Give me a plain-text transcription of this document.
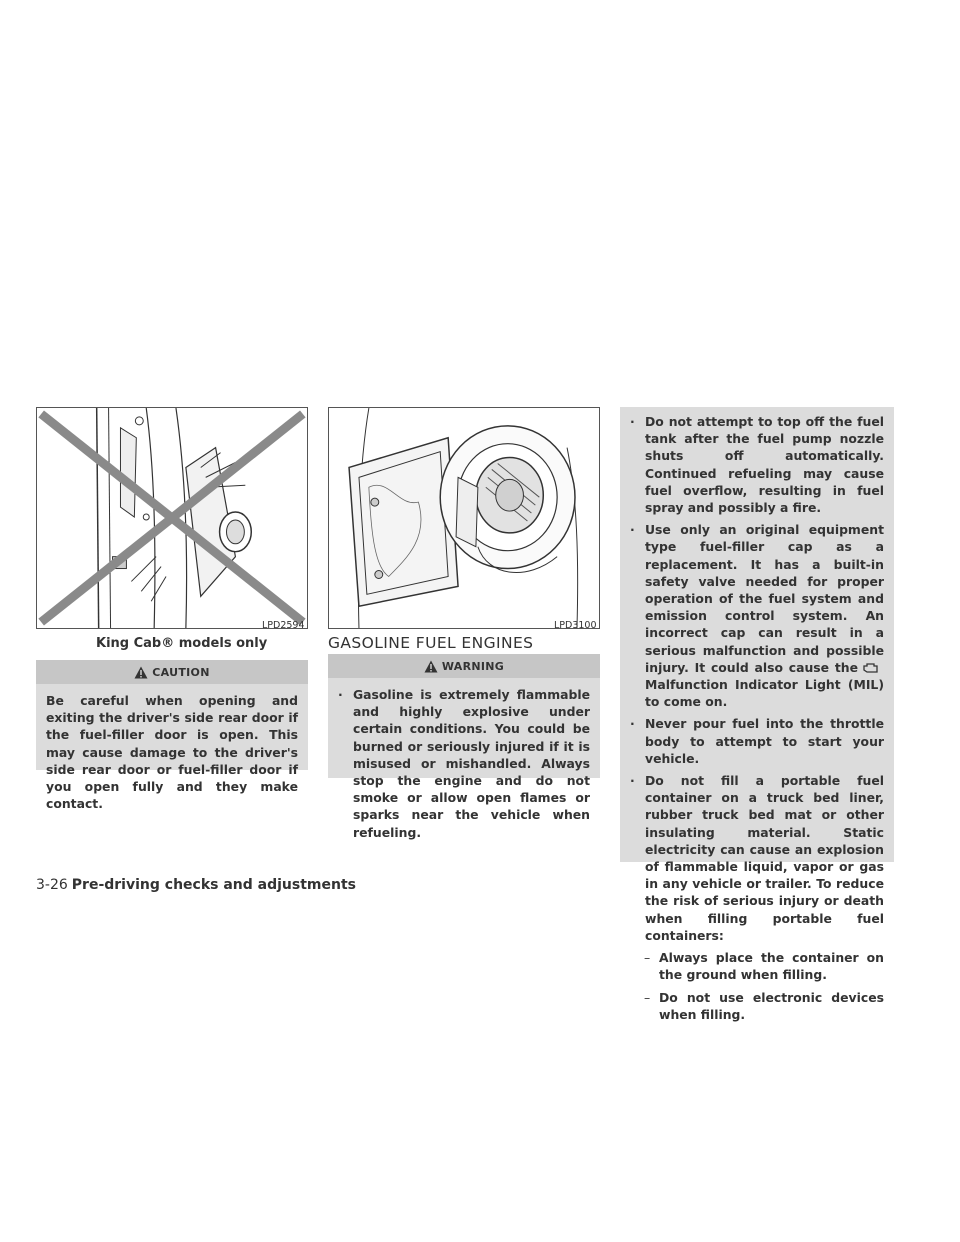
LPD2594
King Cab® models only
LPD3100
CAUTION

Be careful when opening and exiting the driver's side rear door if the fuel-filler door is open. This may cause damage to the driver's side rear door or fuel-filler door if you open fully and they make contact.

GASOLINE FUEL ENGINES
WARNING
· Gasoline is extremely flammable and highly explosive under certain conditions. You could be burned or seriously injured if it is misused or mishandled. Always stop the engine and do not smoke or allow open flames or sparks near the vehicle when refueling.
· Do not attempt to top off the fuel tank after the fuel pump nozzle shuts off automatically. Continued refueling may cause fuel overflow, resulting in fuel spray and possibly a fire.
· Use only an original equipment type fuel-filler cap as a replacement. It has a built-in safety valve needed for proper operation of the fuel system and emission control system. An incorrect cap can result in a serious malfunction and possible injury. It could also cause theMalfunction Indicator Light (MIL) to come on.
· Never pour fuel into the throttle body to attempt to start your vehicle.
· Do not fill a portable fuel container on a truck bed liner, rubber truck bed mat or other insulating material. Static electricity can cause an explosion of flammable liquid, vapor or gas in any vehicle or trailer. To reduce the risk of serious injury or death when filling portable fuel containers:
– Always place the container on the ground when filling.
– Do not use electronic devices when filling.
3-26 Pre-driving checks and adjustments
